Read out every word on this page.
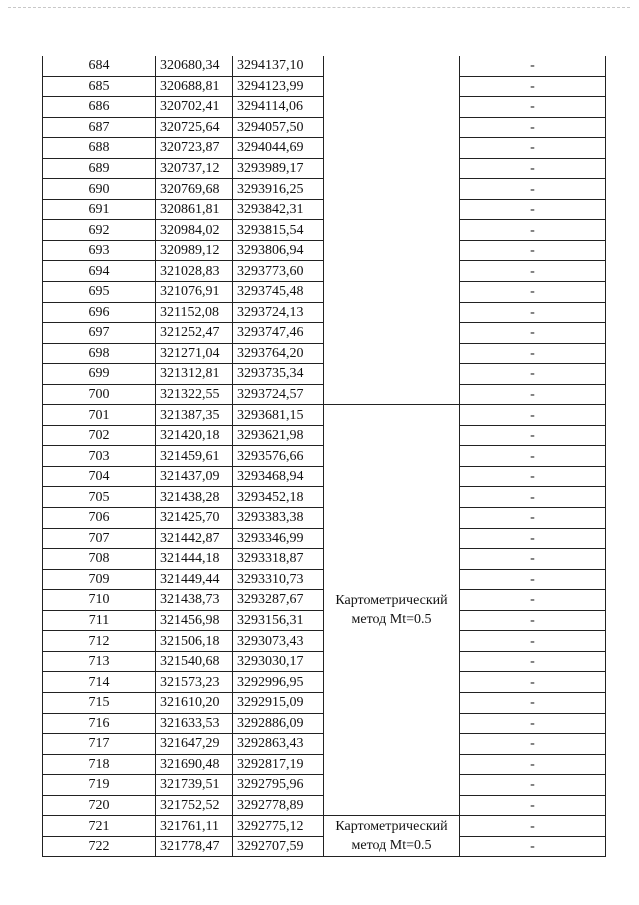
684	320680,34	3294137,10		-
685	320688,81	3294123,99		-
686	320702,41	3294114,06		-
687	320725,64	3294057,50		-
688	320723,87	3294044,69		-
689	320737,12	3293989,17		-
690	320769,68	3293916,25		-
691	320861,81	3293842,31		-
692	320984,02	3293815,54		-
693	320989,12	3293806,94		-
694	321028,83	3293773,60		-
695	321076,91	3293745,48		-
696	321152,08	3293724,13		-
697	321252,47	3293747,46		-
698	321271,04	3293764,20		-
699	321312,81	3293735,34		-
700	321322,55	3293724,57		-
701	321387,35	3293681,15	Картометрический метод Mt=0.5	-
702	321420,18	3293621,98		-
703	321459,61	3293576,66		-
704	321437,09	3293468,94		-
705	321438,28	3293452,18		-
706	321425,70	3293383,38		-
707	321442,87	3293346,99		-
708	321444,18	3293318,87		-
709	321449,44	3293310,73		-
710	321438,73	3293287,67		-
711	321456,98	3293156,31		-
712	321506,18	3293073,43		-
713	321540,68	3293030,17		-
714	321573,23	3292996,95		-
715	321610,20	3292915,09		-
716	321633,53	3292886,09		-
717	321647,29	3292863,43		-
718	321690,48	3292817,19		-
719	321739,51	3292795,96		-
720	321752,52	3292778,89		-
721	321761,11	3292775,12	Картометрический метод Mt=0.5	-
722	321778,47	3292707,59		-
